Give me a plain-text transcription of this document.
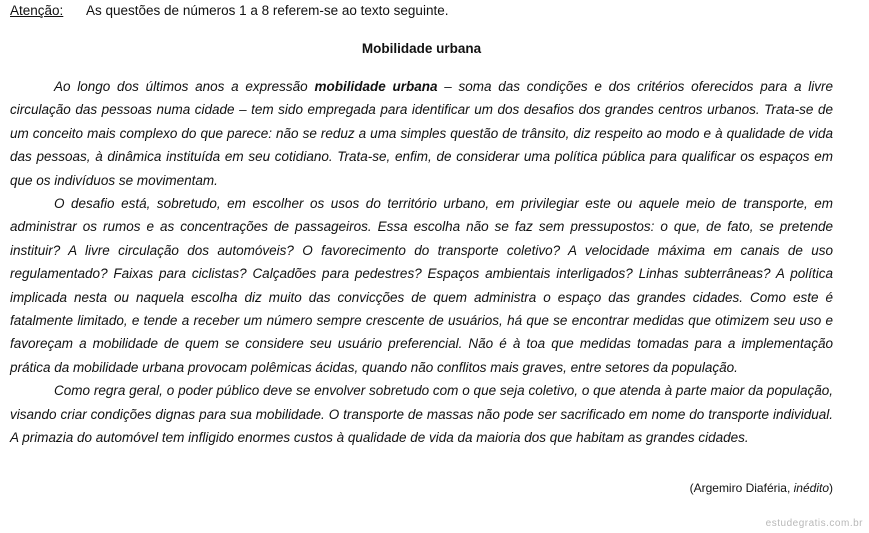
Atenção: As questões de números 1 a 8 referem-se ao texto seguinte.
Mobilidade urbana

Ao longo dos últimos anos a expressão mobilidade urbana – soma das condições e dos critérios oferecidos para a livre circulação das pessoas numa cidade – tem sido empregada para identificar um dos desafios dos grandes centros urbanos. Trata-se de um conceito mais complexo do que parece: não se reduz a uma simples questão de trânsito, diz respeito ao modo e à qualidade de vida das pessoas, à dinâmica instituída em seu cotidiano. Trata-se, enfim, de considerar uma política pública para qualificar os espaços em que os indivíduos se movimentam.

O desafio está, sobretudo, em escolher os usos do território urbano, em privilegiar este ou aquele meio de transporte, em administrar os rumos e as concentrações de passageiros. Essa escolha não se faz sem pressupostos: o que, de fato, se pretende instituir? A livre circulação dos automóveis? O favorecimento do transporte coletivo? A velocidade máxima em canais de uso regulamentado? Faixas para ciclistas? Calçadões para pedestres? Espaços ambientais interligados? Linhas subterrâneas? A política implicada nesta ou naquela escolha diz muito das convicções de quem administra o espaço das grandes cidades. Como este é fatalmente limitado, e tende a receber um número sempre crescente de usuários, há que se encontrar medidas que otimizem seu uso e favoreçam a mobilidade de quem se considere seu usuário preferencial. Não é à toa que medidas tomadas para a implementação prática da mobilidade urbana provocam polêmicas ácidas, quando não conflitos mais graves, entre setores da população.

Como regra geral, o poder público deve se envolver sobretudo com o que seja coletivo, o que atenda à parte maior da população, visando criar condições dignas para sua mobilidade. O transporte de massas não pode ser sacrificado em nome do transporte individual. A primazia do automóvel tem infligido enormes custos à qualidade de vida da maioria dos que habitam as grandes cidades.

(Argemiro Diaféria, inédito)
estudegratis.com.br
